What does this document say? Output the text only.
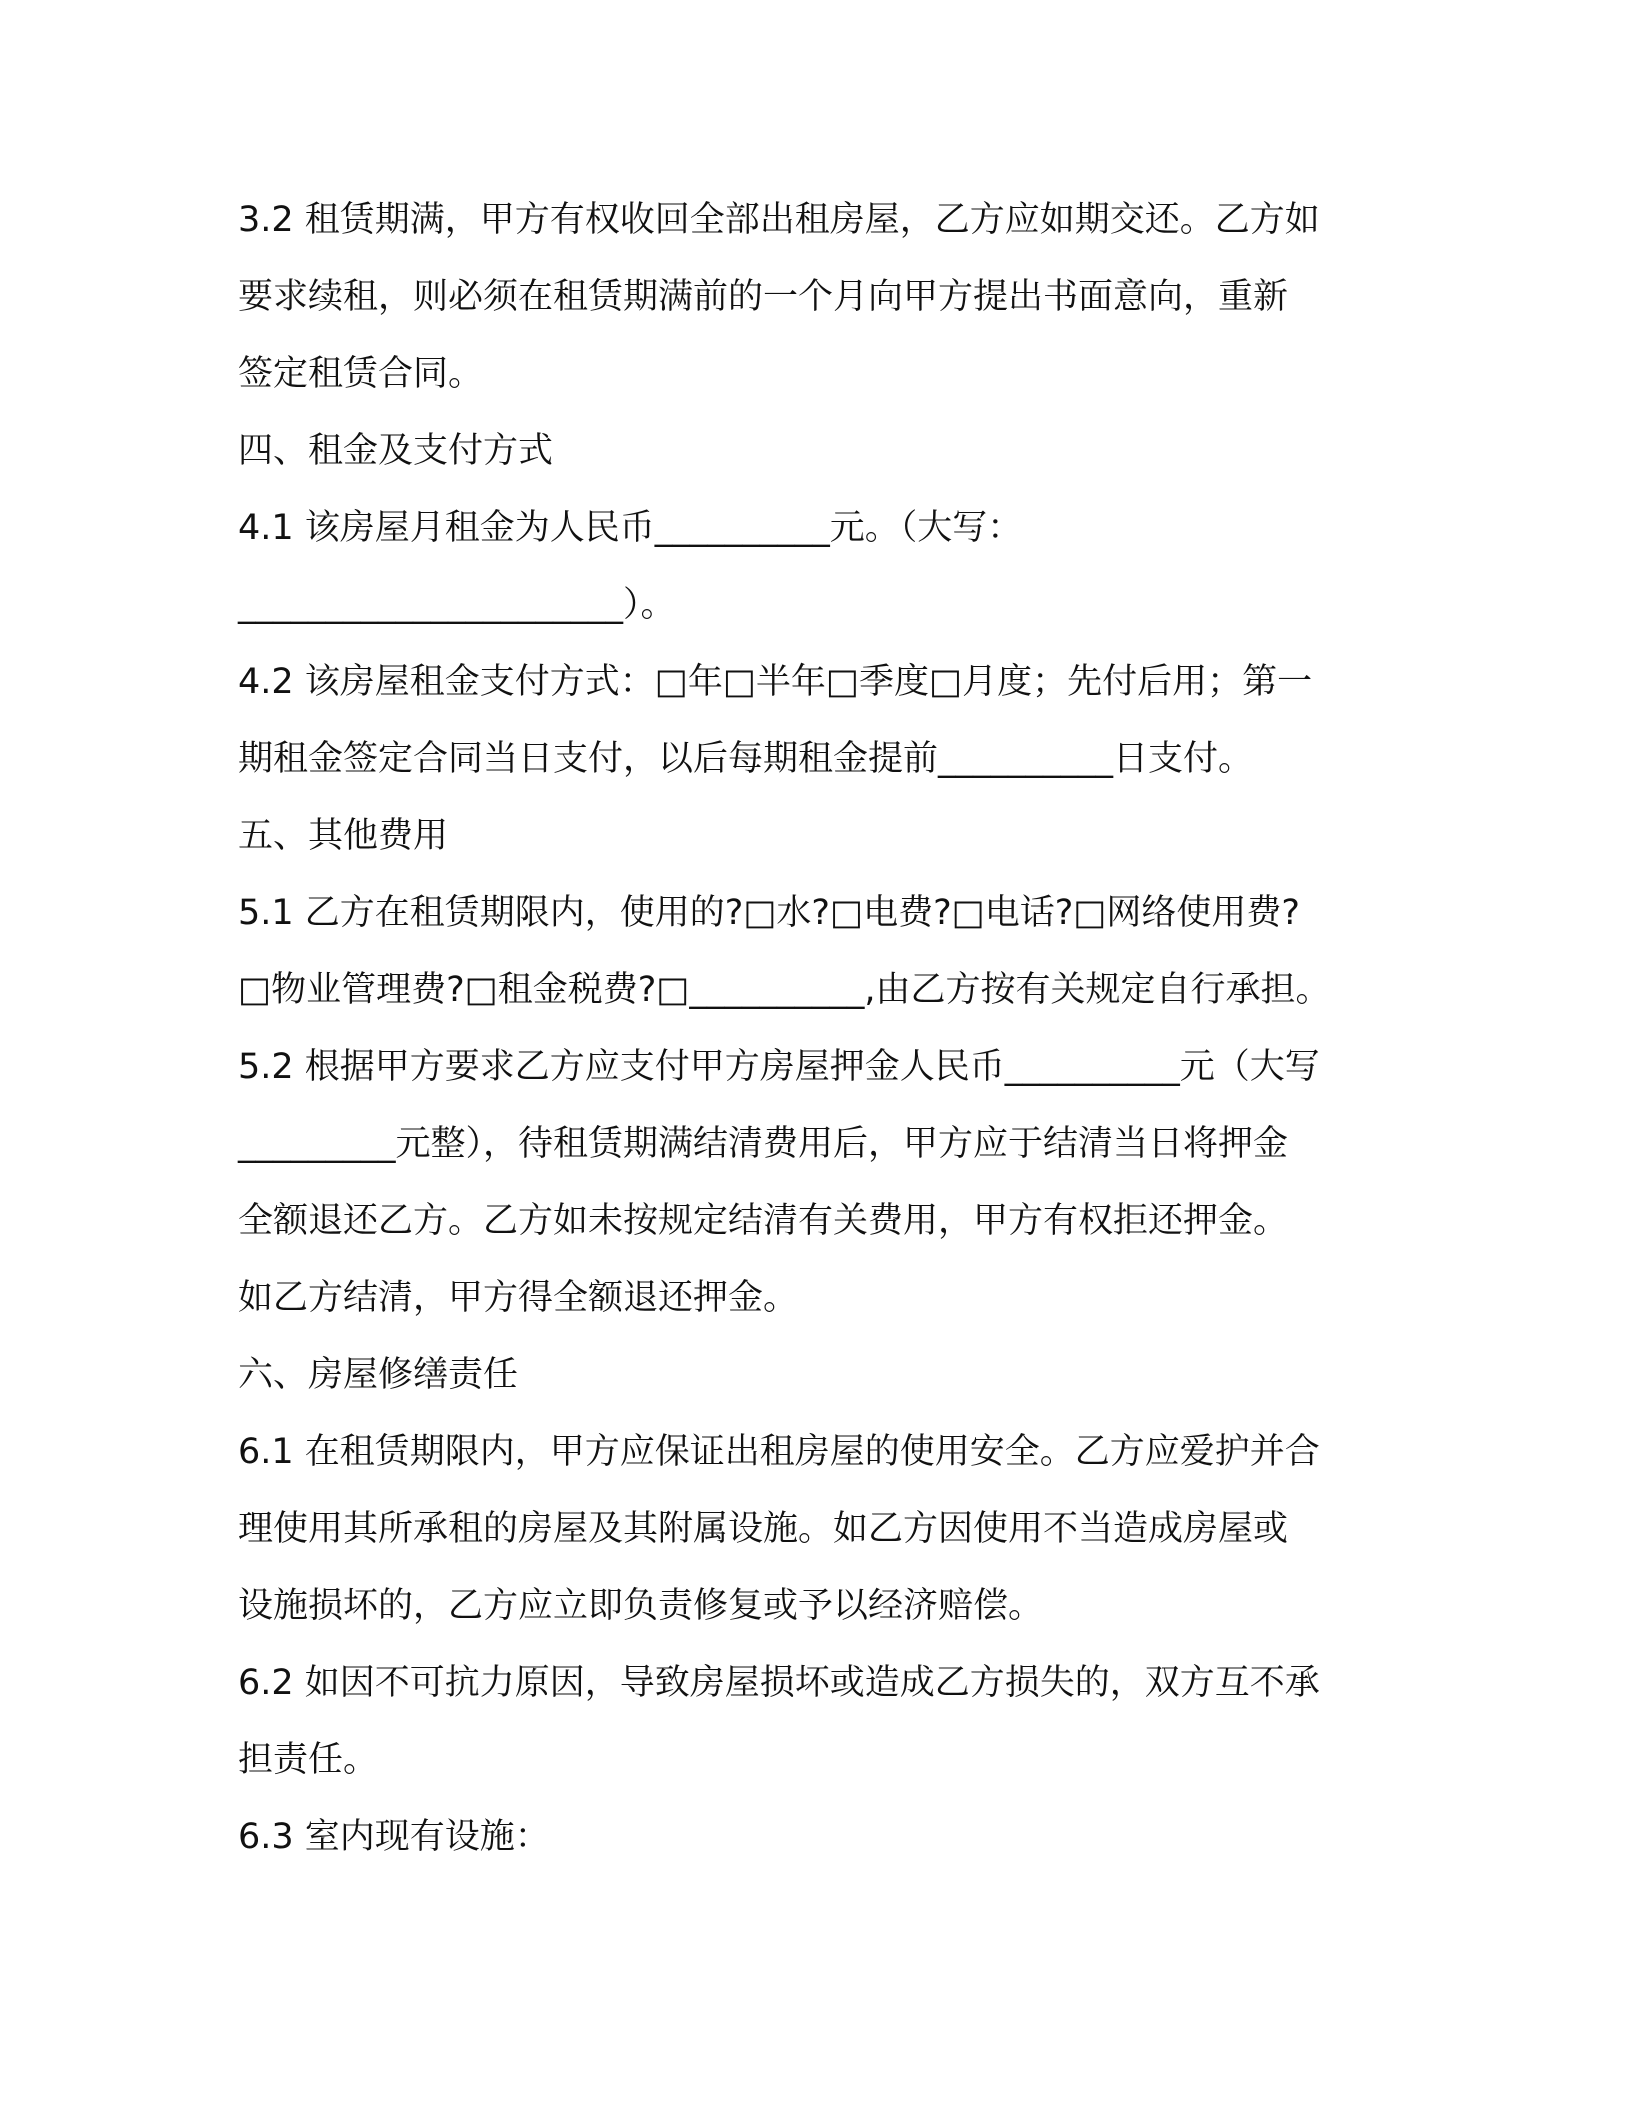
3.2 租赁期满，甲方有权收回全部出租房屋，乙方应如期交还。乙方如

要求续租，则必须在租赁期满前的一个月向甲方提出书面意向，重新

签定租赁合同。

四、租金及支付方式

4.1 该房屋月租金为人民币__________元。（大写：

______________________）。

4.2 该房屋租金支付方式：□年□半年□季度□月度；先付后用；第一

期租金签定合同当日支付，以后每期租金提前__________日支付。

五、其他费用

5.1 乙方在租赁期限内，使用的?□水?□电费?□电话?□网络使用费?

□物业管理费?□租金税费?□__________,由乙方按有关规定自行承担。

5.2 根据甲方要求乙方应支付甲方房屋押金人民币__________元（大写

_________元整），待租赁期满结清费用后，甲方应于结清当日将押金

全额退还乙方。乙方如未按规定结清有关费用，甲方有权拒还押金。

如乙方结清，甲方得全额退还押金。

六、房屋修缮责任

6.1 在租赁期限内，甲方应保证出租房屋的使用安全。乙方应爱护并合

理使用其所承租的房屋及其附属设施。如乙方因使用不当造成房屋或

设施损坏的，乙方应立即负责修复或予以经济赔偿。

6.2 如因不可抗力原因，导致房屋损坏或造成乙方损失的，双方互不承

担责任。

6.3 室内现有设施：
